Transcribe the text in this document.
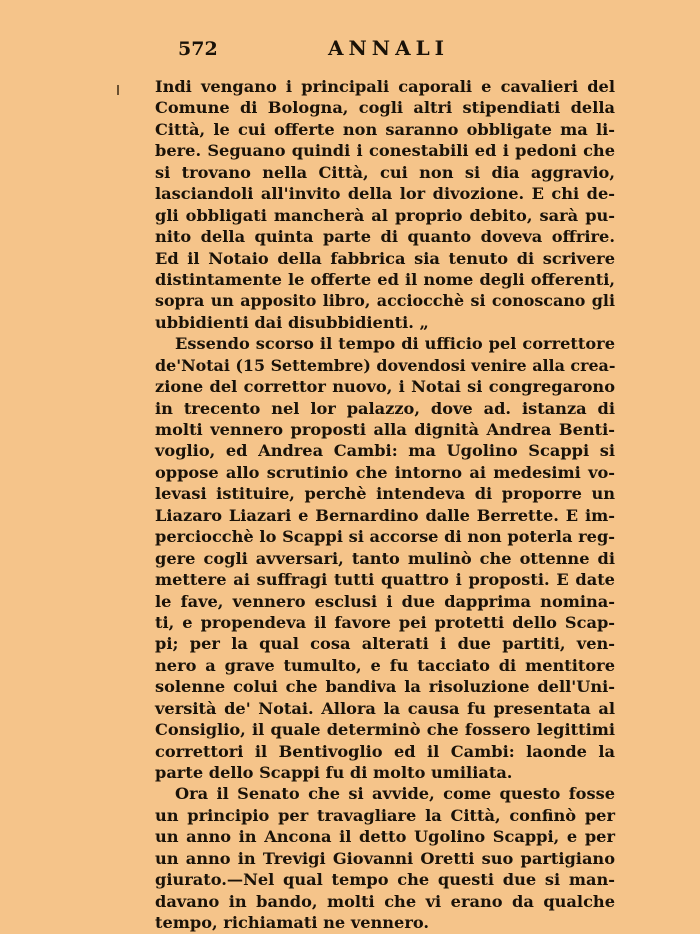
572	ANNALI
Indi vengano i principali caporali e cavalieri del
Comune di Bologna, cogli altri stipendiati della
Città, le cui offerte non saranno obbligate ma li-
bere. Seguano quindi i conestabili ed i pedoni che
si trovano nella Città, cui non si dia aggravio,
lasciandoli all'invito della lor divozione. E chi de-
gli obbligati mancherà al proprio debito, sarà pu-
nito della quinta parte di quanto doveva offrire.
Ed il Notaio della fabbrica sia tenuto di scrivere
distintamente le offerte ed il nome degli offerenti,
sopra un apposito libro, acciocchè si conoscano gli
ubbidienti dai disubbidienti. „
Essendo scorso il tempo di ufficio pel correttore
de'Notai (15 Settembre) dovendosi venire alla crea-
zione del correttor nuovo, i Notai si congregarono
in trecento nel lor palazzo, dove ad. istanza di
molti vennero proposti alla dignità Andrea Benti-
voglio, ed Andrea Cambi: ma Ugolino Scappi si
oppose allo scrutinio che intorno ai medesimi vo-
levasi istituire, perchè intendeva di proporre un
Liazaro Liazari e Bernardino dalle Berrette. E im-
perciocchè lo Scappi si accorse di non poterla reg-
gere cogli avversari, tanto mulinò che ottenne di
mettere ai suffragi tutti quattro i proposti. E date
le fave, vennero esclusi i due dapprima nomina-
ti, e propendeva il favore pei protetti dello Scap-
pi; per la qual cosa alterati i due partiti, ven-
nero a grave tumulto, e fu tacciato di mentitore
solenne colui che bandiva la risoluzione dell'Uni-
versità de' Notai. Allora la causa fu presentata al
Consiglio, il quale determinò che fossero legittimi
correttori il Bentivoglio ed il Cambi: laonde la
parte dello Scappi fu di molto umiliata.
Ora il Senato che si avvide, come questo fosse
un principio per travagliare la Città, confinò per
un anno in Ancona il detto Ugolino Scappi, e per
un anno in Trevigi Giovanni Oretti suo partigiano
giurato.—Nel qual tempo che questi due si man-
davano in bando, molti che vi erano da qualche
tempo, richiamati ne vennero.
